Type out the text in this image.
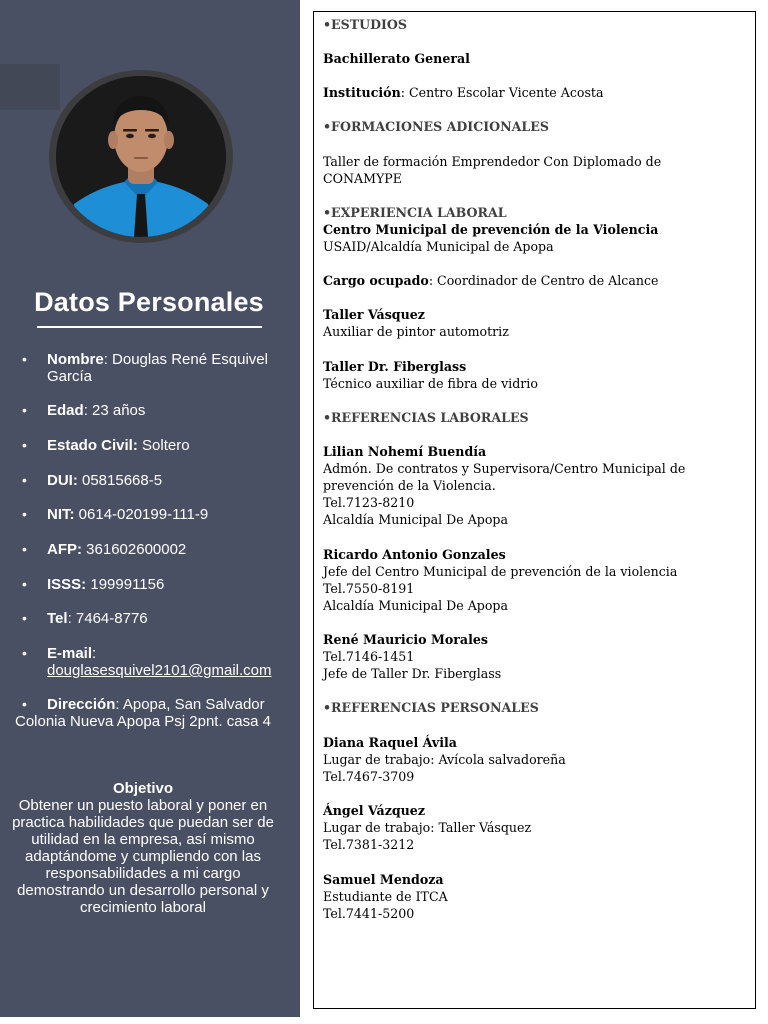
Datos Personales
• Nombre: Douglas René Esquivel García
• Edad: 23 años
• Estado Civil: Soltero
• DUI: 05815668-5
• NIT: 0614-020199-111-9
• AFP: 361602600002
• ISSS: 199991156
• Tel: 7464-8776
• E-mail:
douglasesquivel2101@gmail.com
• Dirección: Apopa, San Salvador
Colonia Nueva Apopa Psj 2pnt. casa 4
Objetivo
Obtener un puesto laboral y poner en practica habilidades que puedan ser de utilidad en la empresa, así mismo adaptándome y cumpliendo con las responsabilidades a mi cargo demostrando un desarrollo personal y crecimiento laboral
•ESTUDIOS
Bachillerato General
Institución: Centro Escolar Vicente Acosta
•FORMACIONES ADICIONALES
Taller de formación Emprendedor Con Diplomado de
CONAMYPE
•EXPERIENCIA LABORAL
Centro Municipal de prevención de la Violencia
USAID/Alcaldía Municipal de Apopa
Cargo ocupado: Coordinador de Centro de Alcance
Taller Vásquez
Auxiliar de pintor automotriz
Taller Dr. Fiberglass
Técnico auxiliar de fibra de vidrio
•REFERENCIAS LABORALES
Lilian Nohemí Buendía
Admón. De contratos y Supervisora/Centro Municipal de
prevención de la Violencia.
Tel.7123-8210
Alcaldía Municipal De Apopa
Ricardo Antonio Gonzales
Jefe del Centro Municipal de prevención de la violencia
Tel.7550-8191
Alcaldía Municipal De Apopa
René Mauricio Morales
Tel.7146-1451
Jefe de Taller Dr. Fiberglass
•REFERENCIAS PERSONALES
Diana Raquel Ávila
Lugar de trabajo: Avícola salvadoreña
Tel.7467-3709
Ángel Vázquez
Lugar de trabajo: Taller Vásquez
Tel.7381-3212
Samuel Mendoza
Estudiante de ITCA
Tel.7441-5200
